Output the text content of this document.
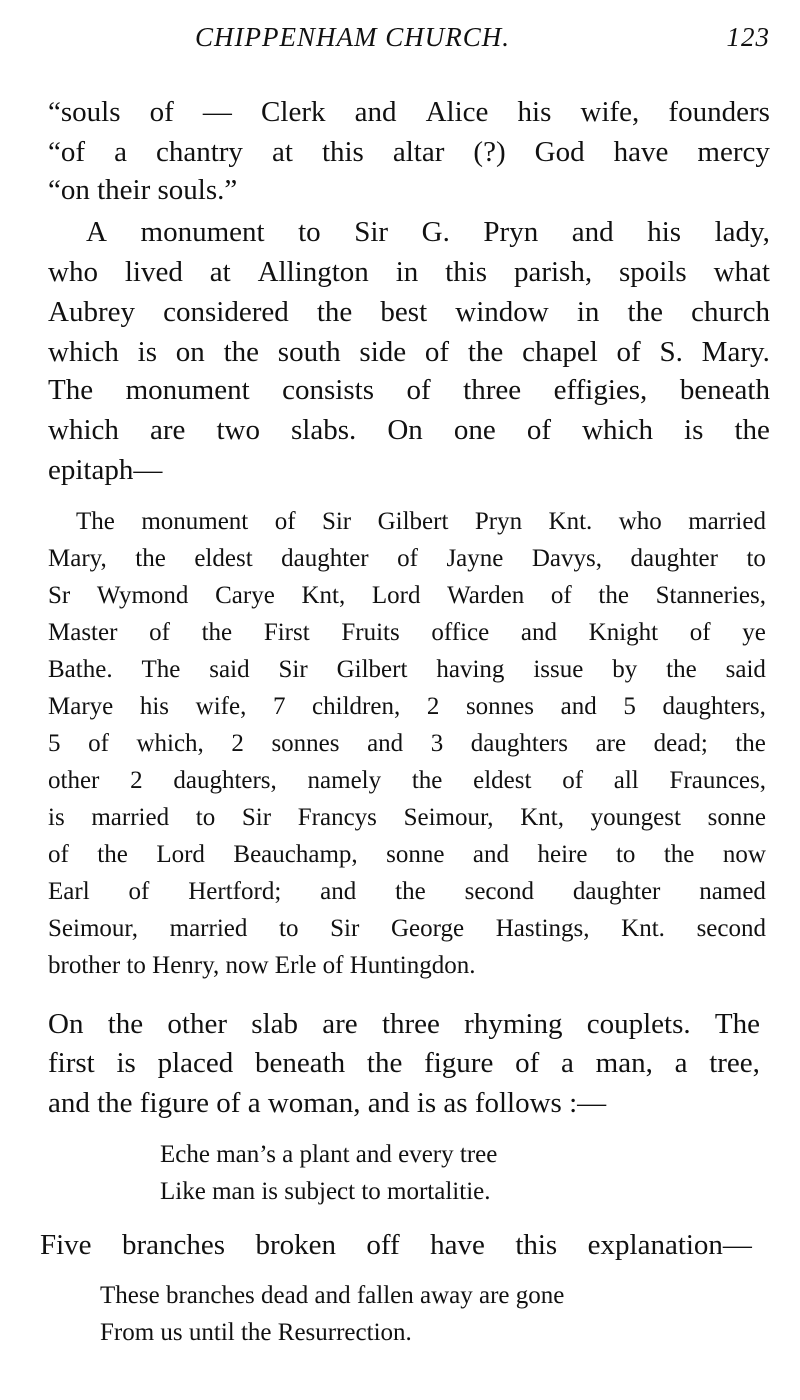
CHIPPENHAM CHURCH.	123
“souls of — Clerk and Alice his wife, founders
“of a chantry at this altar (?) God have mercy
“on their souls.”
A monument to Sir G. Pryn and his lady,
who lived at Allington in this parish, spoils what
Aubrey considered the best window in the church
which is on the south side of the chapel of S. Mary.
The monument consists of three effigies, beneath
which are two slabs. On one of which is the
epitaph—
The monument of Sir Gilbert Pryn Knt. who married
Mary, the eldest daughter of Jayne Davys, daughter to
Sr Wymond Carye Knt, Lord Warden of the Stanneries,
Master of the First Fruits office and Knight of ye
Bathe. The said Sir Gilbert having issue by the said
Marye his wife, 7 children, 2 sonnes and 5 daughters,
5 of which, 2 sonnes and 3 daughters are dead; the
other 2 daughters, namely the eldest of all Fraunces,
is married to Sir Francys Seimour, Knt, youngest sonne
of the Lord Beauchamp, sonne and heire to the now
Earl of Hertford; and the second daughter named
Seimour, married to Sir George Hastings, Knt. second
brother to Henry, now Erle of Huntingdon.
On the other slab are three rhyming couplets. The
first is placed beneath the figure of a man, a tree,
and the figure of a woman, and is as follows :—
Eche man’s a plant and every tree
Like man is subject to mortalitie.
Five branches broken off have this explanation—
These branches dead and fallen away are gone
From us until the Resurrection.
